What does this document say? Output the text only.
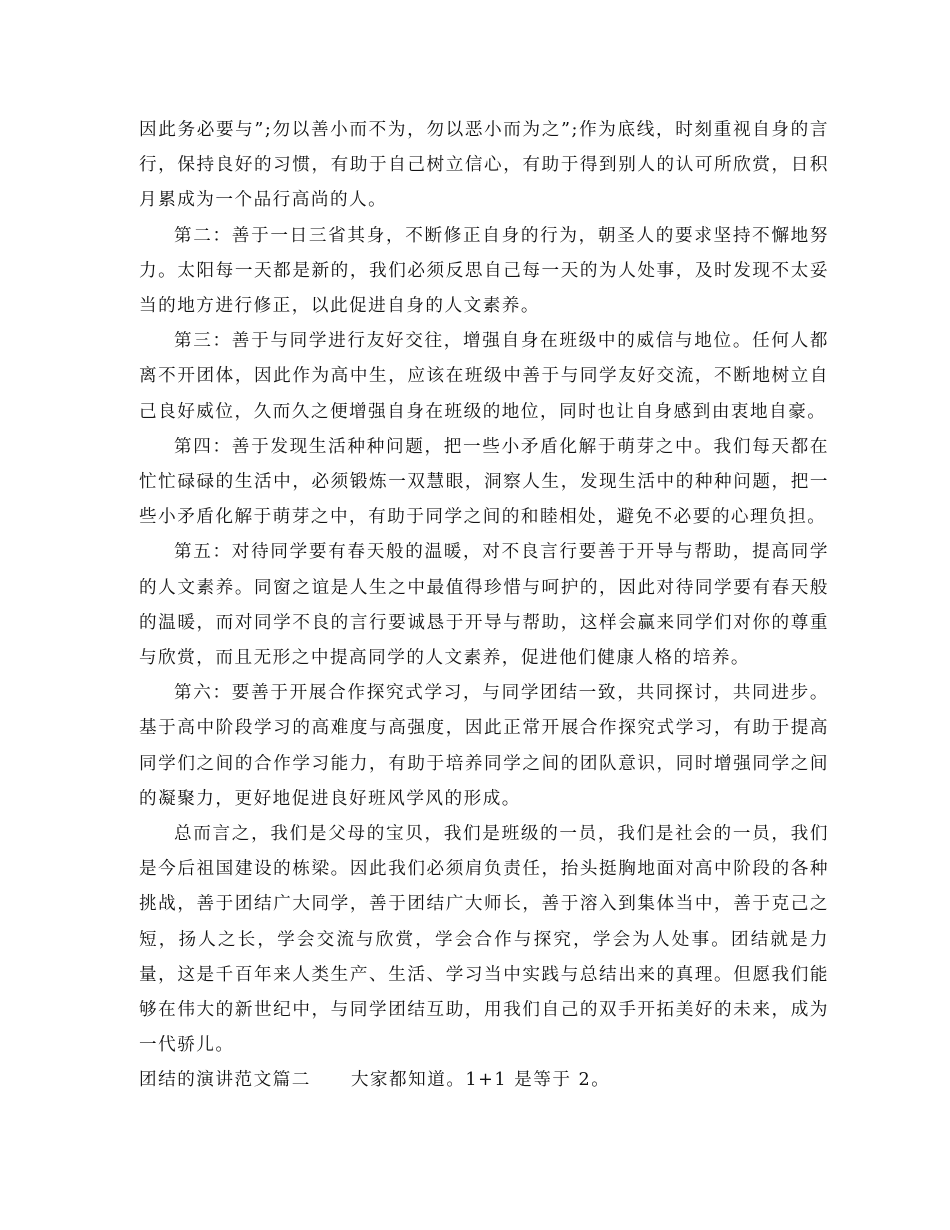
因此务必要与”;勿以善小而不为，勿以恶小而为之”;作为底线，时刻重视自身的言行，保持良好的习惯，有助于自己树立信心，有助于得到别人的认可所欣赏，日积月累成为一个品行高尚的人。

第二：善于一日三省其身，不断修正自身的行为，朝圣人的要求坚持不懈地努力。太阳每一天都是新的，我们必须反思自己每一天的为人处事，及时发现不太妥当的地方进行修正，以此促进自身的人文素养。

第三：善于与同学进行友好交往，增强自身在班级中的威信与地位。任何人都离不开团体，因此作为高中生，应该在班级中善于与同学友好交流，不断地树立自己良好威位，久而久之便增强自身在班级的地位，同时也让自身感到由衷地自豪。

第四：善于发现生活种种问题，把一些小矛盾化解于萌芽之中。我们每天都在忙忙碌碌的生活中，必须锻炼一双慧眼，洞察人生，发现生活中的种种问题，把一些小矛盾化解于萌芽之中，有助于同学之间的和睦相处，避免不必要的心理负担。

第五：对待同学要有春天般的温暖，对不良言行要善于开导与帮助，提高同学的人文素养。同窗之谊是人生之中最值得珍惜与呵护的，因此对待同学要有春天般的温暖，而对同学不良的言行要诚恳于开导与帮助，这样会赢来同学们对你的尊重与欣赏，而且无形之中提高同学的人文素养，促进他们健康人格的培养。

第六：要善于开展合作探究式学习，与同学团结一致，共同探讨，共同进步。基于高中阶段学习的高难度与高强度，因此正常开展合作探究式学习，有助于提高同学们之间的合作学习能力，有助于培养同学之间的团队意识，同时增强同学之间的凝聚力，更好地促进良好班风学风的形成。

总而言之，我们是父母的宝贝，我们是班级的一员，我们是社会的一员，我们是今后祖国建设的栋梁。因此我们必须肩负责任，抬头挺胸地面对高中阶段的各种挑战，善于团结广大同学，善于团结广大师长，善于溶入到集体当中，善于克己之短，扬人之长，学会交流与欣赏，学会合作与探究，学会为人处事。团结就是力量，这是千百年来人类生产、生活、学习当中实践与总结出来的真理。但愿我们能够在伟大的新世纪中，与同学团结互助，用我们自己的双手开拓美好的未来，成为一代骄儿。

团结的演讲范文篇二 大家都知道。1+1 是等于 2。
